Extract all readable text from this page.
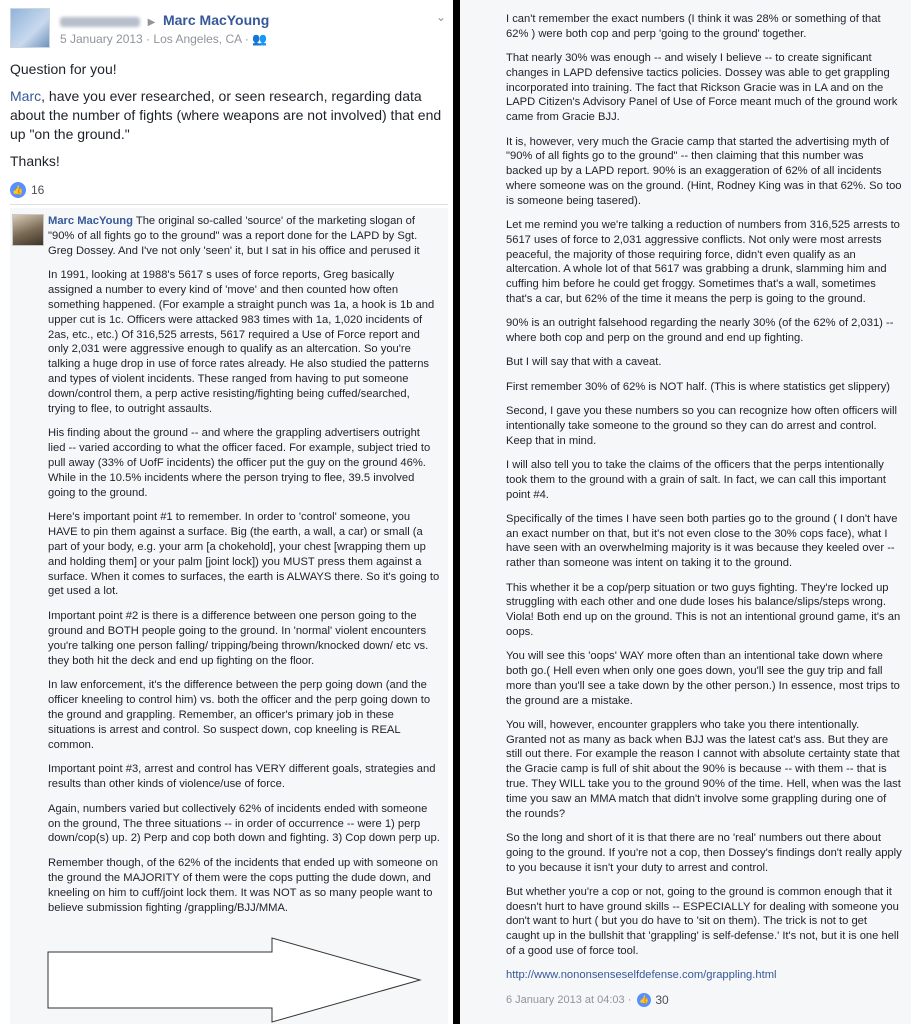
▶ Marc MacYoung
5 January 2013 · Los Angeles, CA · 👥
⌄

Question for you!

Marc, have you ever researched, or seen research, regarding data about the number of fights (where weapons are not involved) that end up "on the ground."

Thanks!

👍 16

Marc MacYoung The original so-called 'source' of the marketing slogan of "90% of all fights go to the ground" was a report done for the LAPD by Sgt. Greg Dossey. And I've not only 'seen' it, but I sat in his office and perused it

In 1991, looking at 1988's 5617 s uses of force reports, Greg basically assigned a number to every kind of 'move' and then counted how often something happened. (For example a straight punch was 1a, a hook is 1b and upper cut is 1c. Officers were attacked 983 times with 1a, 1,020 incidents of 2as, etc., etc.) Of 316,525 arrests, 5617 required a Use of Force report and only 2,031 were aggressive enough to qualify as an altercation. So you're talking a huge drop in use of force rates already. He also studied the patterns and types of violent incidents. These ranged from having to put someone down/control them, a perp active resisting/fighting being cuffed/searched, trying to flee, to outright assaults.

His finding about the ground -- and where the grappling advertisers outright lied -- varied according to what the officer faced. For example, subject tried to pull away (33% of UofF incidents) the officer put the guy on the ground 46%. While in the 10.5% incidents where the person trying to flee, 39.5 involved going to the ground.

Here's important point #1 to remember. In order to 'control' someone, you HAVE to pin them against a surface. Big (the earth, a wall, a car) or small (a part of your body, e.g. your arm [a chokehold], your chest [wrapping them up and holding them] or your palm [joint lock]) you MUST press them against a surface. When it comes to surfaces, the earth is ALWAYS there. So it's going to get used a lot.

Important point #2 is there is a difference between one person going to the ground and BOTH people going to the ground. In 'normal' violent encounters you're talking one person falling/ tripping/being thrown/knocked down/ etc vs. they both hit the deck and end up fighting on the floor.

In law enforcement, it's the difference between the perp going down (and the officer kneeling to control him) vs. both the officer and the perp going down to the ground and grappling. Remember, an officer's primary job in these situations is arrest and control. So suspect down, cop kneeling is REAL common.

Important point #3, arrest and control has VERY different goals, strategies and results than other kinds of violence/use of force.

Again, numbers varied but collectively 62% of incidents ended with someone on the ground, The three situations -- in order of occurrence -- were 1) perp down/cop(s) up. 2) Perp and cop both down and fighting. 3) Cop down perp up.

Remember though, of the 62% of the incidents that ended up with someone on the ground the MAJORITY of them were the cops putting the dude down, and kneeling on him to cuff/joint lock them. It was NOT as so many people want to believe submission fighting /grappling/BJJ/MMA.

I can't remember the exact numbers (I think it was 28% or something of that 62% ) were both cop and perp 'going to the ground' together.

That nearly 30% was enough -- and wisely I believe -- to create significant changes in LAPD defensive tactics policies. Dossey was able to get grappling incorporated into training. The fact that Rickson Gracie was in LA and on the LAPD Citizen's Advisory Panel of Use of Force meant much of the ground work came from Gracie BJJ.

It is, however, very much the Gracie camp that started the advertising myth of "90% of all fights go to the ground" -- then claiming that this number was backed up by a LAPD report. 90% is an exaggeration of 62% of all incidents where someone was on the ground. (Hint, Rodney King was in that 62%. So too is someone being tasered).

Let me remind you we're talking a reduction of numbers from 316,525 arrests to 5617 uses of force to 2,031 aggressive conflicts. Not only were most arrests peaceful, the majority of those requiring force, didn't even qualify as an altercation. A whole lot of that 5617 was grabbing a drunk, slamming him and cuffing him before he could get froggy. Sometimes that's a wall, sometimes that's a car, but 62% of the time it means the perp is going to the ground.

90% is an outright falsehood regarding the nearly 30% (of the 62% of 2,031) -- where both cop and perp on the ground and end up fighting.

But I will say that with a caveat.

First remember 30% of 62% is NOT half. (This is where statistics get slippery)

Second, I gave you these numbers so you can recognize how often officers will intentionally take someone to the ground so they can do arrest and control. Keep that in mind.

I will also tell you to take the claims of the officers that the perps intentionally took them to the ground with a grain of salt. In fact, we can call this important point #4.

Specifically of the times I have seen both parties go to the ground ( I don't have an exact number on that, but it's not even close to the 30% cops face), what I have seen with an overwhelming majority is it was because they keeled over -- rather than someone was intent on taking it to the ground.

This whether it be a cop/perp situation or two guys fighting. They're locked up struggling with each other and one dude loses his balance/slips/steps wrong. Viola! Both end up on the ground. This is not an intentional ground game, it's an oops.

You will see this 'oops' WAY more often than an intentional take down where both go.( Hell even when only one goes down, you'll see the guy trip and fall more than you'll see a take down by the other person.) In essence, most trips to the ground are a mistake.

You will, however, encounter grapplers who take you there intentionally. Granted not as many as back when BJJ was the latest cat's ass. But they are still out there. For example the reason I cannot with absolute certainty state that the Gracie camp is full of shit about the 90% is because -- with them -- that is true. They WILL take you to the ground 90% of the time. Hell, when was the last time you saw an MMA match that didn't involve some grappling during one of the rounds?

So the long and short of it is that there are no 'real' numbers out there about going to the ground. If you're not a cop, then Dossey's findings don't really apply to you because it isn't your duty to arrest and control.

But whether you're a cop or not, going to the ground is common enough that it doesn't hurt to have ground skills -- ESPECIALLY for dealing with someone you don't want to hurt ( but you do have to 'sit on them). The trick is not to get caught up in the bullshit that 'grappling' is self-defense.' It's not, but it is one hell of a good use of force tool.

http://www.nononsenseselfdefense.com/grappling.html

6 January 2013 at 04:03 · 👍 30
